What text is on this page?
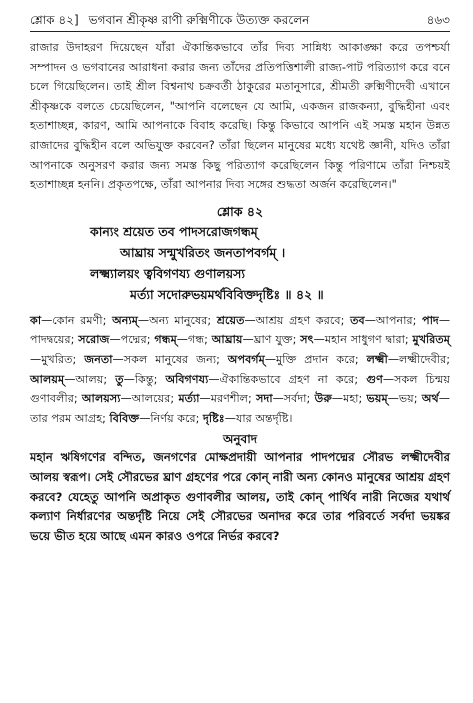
শ্লোক ৪২] ভগবান শ্রীকৃষ্ণ রাণী রুক্মিণীকে উত্যক্ত করলেন	৪৬৩

রাজার উদাহরণ দিয়েছেন যাঁরা ঐকান্তিকভাবে তাঁর দিব্য সান্নিধ্য আকাঙ্ক্ষা করে তপশ্চর্যা সম্পাদন ও ভগবানের আরাধনা করার জন্য তাঁদের প্রতিপত্তিশালী রাজ্য-পাট পরিত্যাগ করে বনে চলে গিয়েছিলেন। তাই শ্রীল বিশ্বনাথ চক্রবর্তী ঠাকুরের মতানুসারে, শ্রীমতী রুক্মিণীদেবী এখানে শ্রীকৃষ্ণকে বলতে চেয়েছিলেন, "আপনি বলেছেন যে আমি, একজন রাজকন্যা, বুদ্ধিহীনা এবং হতাশাচ্ছন্ন, কারণ, আমি আপনাকে বিবাহ করেছি। কিন্তু কিভাবে আপনি এই সমস্ত মহান উন্নত রাজাদের বুদ্ধিহীন বলে অভিযুক্ত করবেন? তাঁরা ছিলেন মানুষের মধ্যে যথেষ্ট জ্ঞানী, যদিও তাঁরা আপনাকে অনুসরণ করার জন্য সমস্ত কিছু পরিত্যাগ করেছিলেন কিন্তু পরিণামে তাঁরা নিশ্চয়ই হতাশাচ্ছন্ন হননি। প্রকৃতপক্ষে, তাঁরা আপনার দিব্য সঙ্গের শুদ্ধতা অর্জন করেছিলেন।"

শ্লোক ৪২
কান্যং শ্রয়েত তব পাদসরোজগন্ধম্
আঘ্রায় সন্মুখরিতং জনতাপবর্গম্ ।
লক্ষ্ম্যালয়ং ত্ববিগণয্য গুণালয়স্য
মর্ত্যা সদোরুভয়মর্থবিবিক্তদৃষ্টিঃ ॥ ৪২ ॥
কা—কোন রমণী; অন্যম্—অন্য মানুষের; শ্রয়েত—আশ্রয় গ্রহণ করবে; তব—আপনার; পাদ—পাদদ্বয়ের; সরোজ—পদ্মের; গন্ধম্—গন্ধ; আঘ্রায়—ঘ্রাণ যুক্ত; সৎ—মহান সাধুগণ দ্বারা; মুখরিতম্—মুখরিত; জনতা—সকল মানুষের জন্য; অপবর্গম্—মুক্তি প্রদান করে; লক্ষ্মী—লক্ষ্মীদেবীর; আলয়ম্—আলয়; তু—কিন্তু; অবিগণয্য—ঐকান্তিকভাবে গ্রহণ না করে; গুণ—সকল চিন্ময় গুণাবলীর; আলয়স্য—আলয়ের; মর্ত্যা—মরণশীল; সদা—সর্বদা; উরু—মহা; ভয়ম্—ভয়; অর্থ—তার পরম আগ্রহ; বিবিক্ত—নির্ণয় করে; দৃষ্টিঃ—যার অন্তর্দৃষ্টি।
অনুবাদ

মহান ঋষিগণের বন্দিত, জনগণের মোক্ষপ্রদায়ী আপনার পাদপদ্মের সৌরভ লক্ষ্মীদেবীর আলয় স্বরূপ। সেই সৌরভের ঘ্রাণ গ্রহণের পরে কোন্ নারী অন্য কোনও মানুষের আশ্রয় গ্রহণ করবে? যেহেতু আপনি অপ্রাকৃত গুণাবলীর আলয়, তাই কোন্ পার্থিব নারী নিজের যথার্থ কল্যাণ নির্ধারণের অন্তর্দৃষ্টি নিয়ে সেই সৌরভের অনাদর করে তার পরিবর্তে সর্বদা ভয়ঙ্কর ভয়ে ভীত হয়ে আছে এমন কারও ওপরে নির্ভর করবে?
